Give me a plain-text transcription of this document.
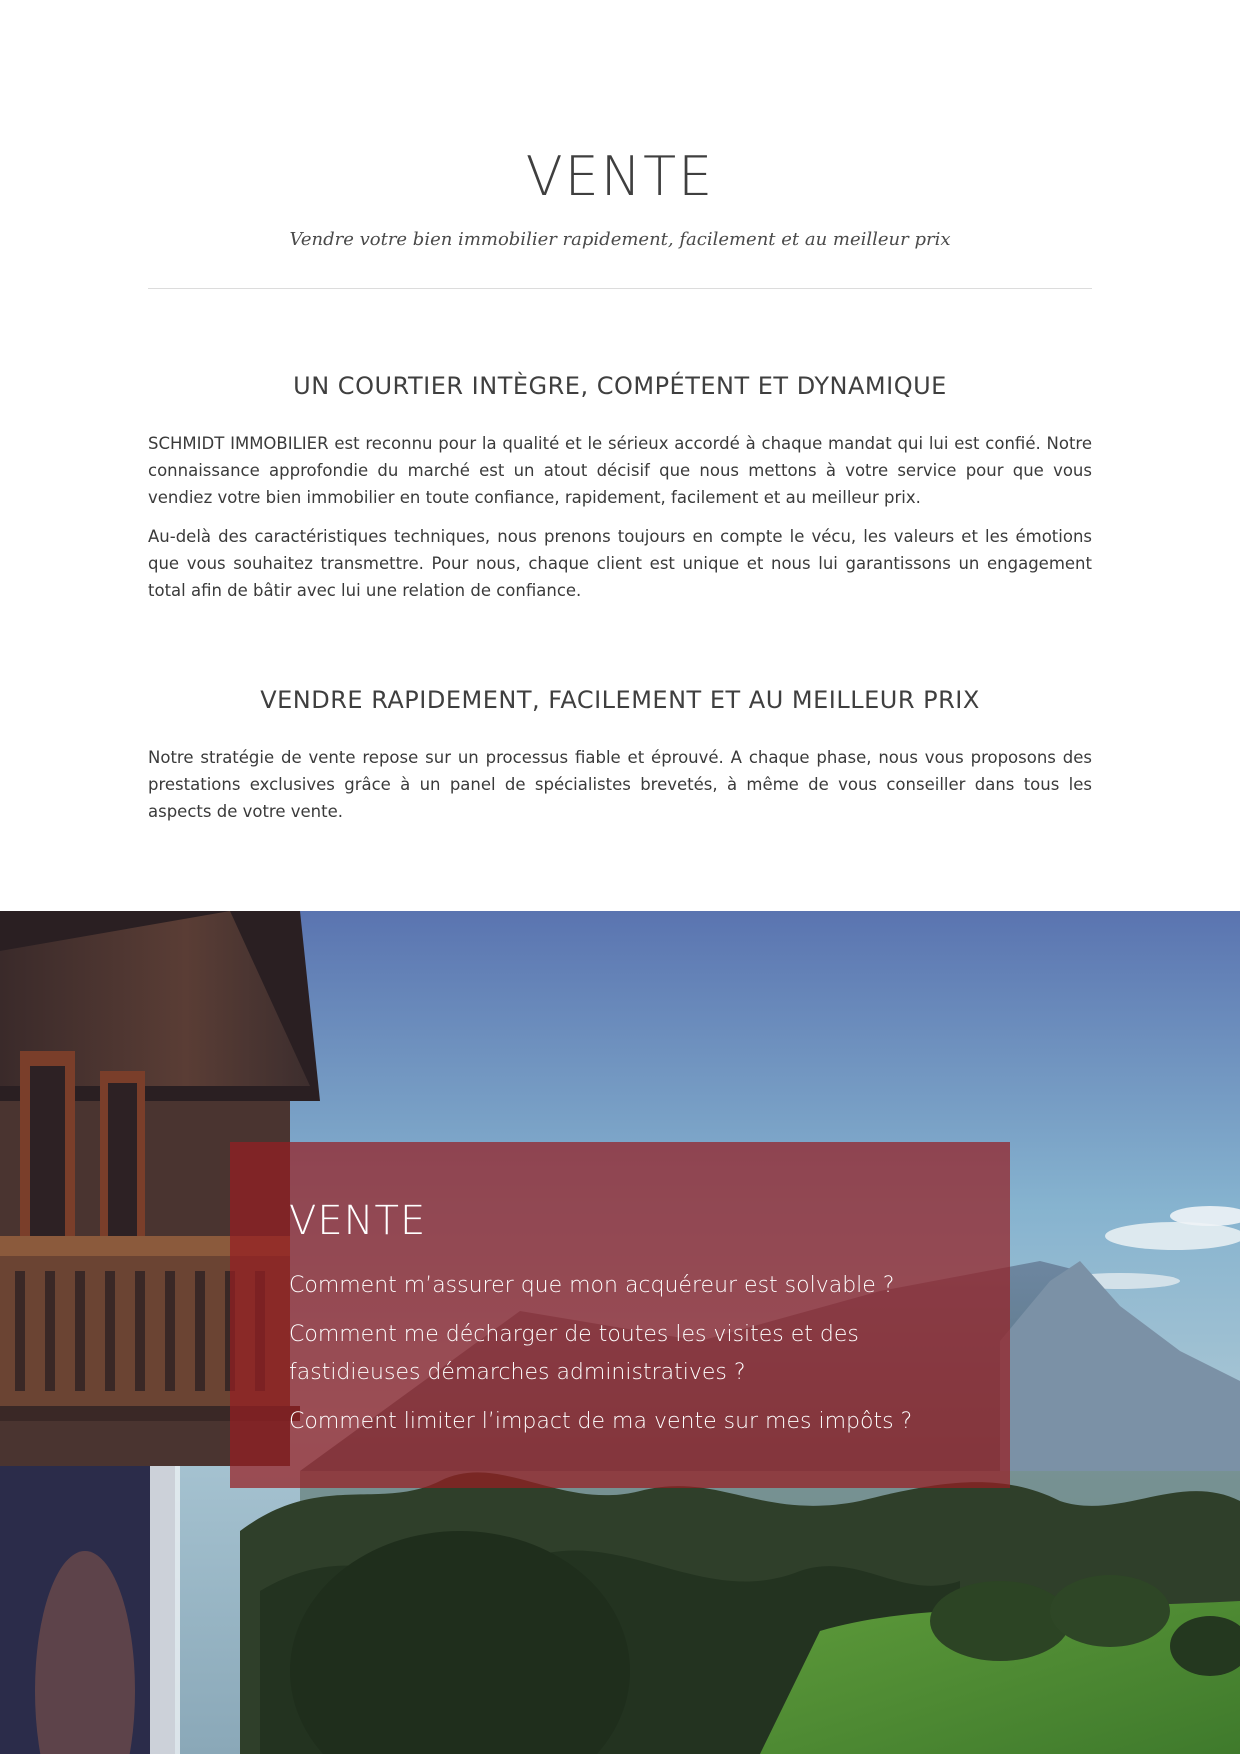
VENTE

Vendre votre bien immobilier rapidement, facilement et au meilleur prix

UN COURTIER INTÈGRE, COMPÉTENT ET DYNAMIQUE

SCHMIDT IMMOBILIER est reconnu pour la qualité et le sérieux accordé à chaque mandat qui lui est confié. Notre connaissance approfondie du marché est un atout décisif que nous mettons à votre service pour que vous vendiez votre bien immobilier en toute confiance, rapidement, facilement et au meilleur prix.

Au-delà des caractéristiques techniques, nous prenons toujours en compte le vécu, les valeurs et les émotions que vous souhaitez transmettre. Pour nous, chaque client est unique et nous lui garantissons un engagement total afin de bâtir avec lui une relation de confiance.

VENDRE RAPIDEMENT, FACILEMENT ET AU MEILLEUR PRIX

Notre stratégie de vente repose sur un processus fiable et éprouvé. A chaque phase, nous vous proposons des prestations exclusives grâce à un panel de spécialistes brevetés, à même de vous conseiller dans tous les aspects de votre vente.

VENTE
Comment m’assurer que mon acquéreur est solvable ?
Comment me décharger de toutes les visites et des fastidieuses démarches administratives ?
Comment limiter l’impact de ma vente sur mes impôts ?
